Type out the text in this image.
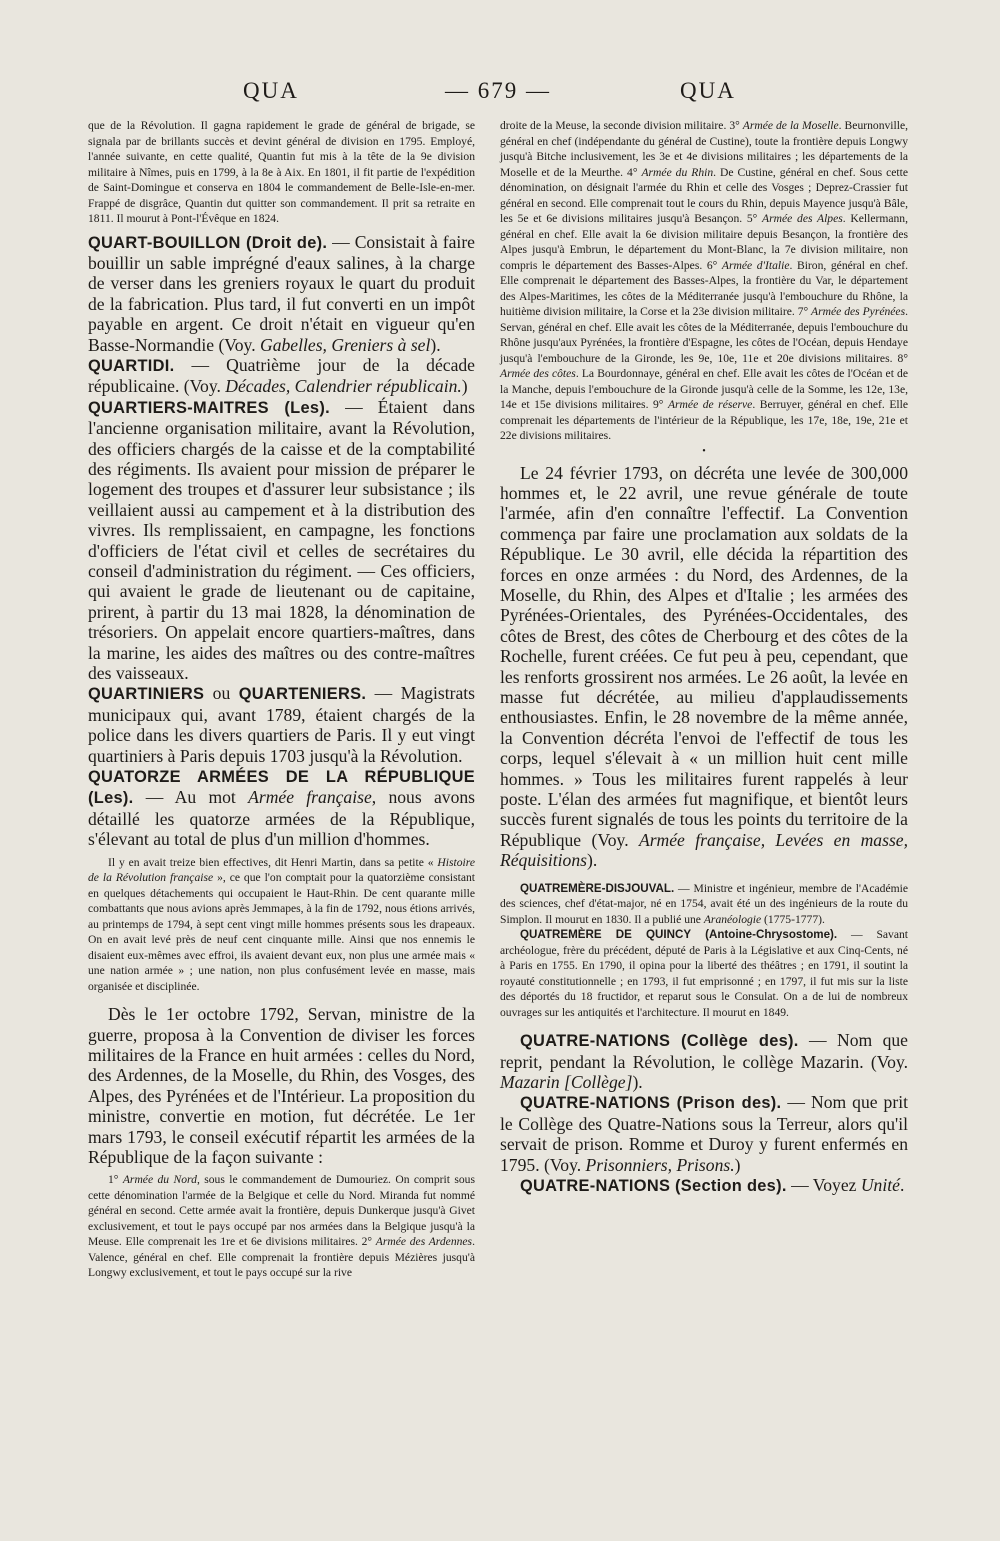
QUA	— 679 —	QUA

que de la Révolution. Il gagna rapidement le grade de général de brigade, se signala par de brillants succès et devint général de division en 1795. Employé, l'année suivante, en cette qualité, Quantin fut mis à la tête de la 9e division militaire à Nîmes, puis en 1799, à la 8e à Aix. En 1801, il fit partie de l'expédition de Saint-Domingue et conserva en 1804 le commandement de Belle-Isle-en-mer. Frappé de disgrâce, Quantin dut quitter son commandement. Il prit sa retraite en 1811. Il mourut à Pont-l'Évêque en 1824.

QUART-BOUILLON (Droit de). — Consistait à faire bouillir un sable imprégné d'eaux salines, à la charge de verser dans les greniers royaux le quart du produit de la fabrication. Plus tard, il fut converti en un impôt payable en argent. Ce droit n'était en vigueur qu'en Basse-Normandie (Voy. Gabelles, Greniers à sel).

QUARTIDI. — Quatrième jour de la décade républicaine. (Voy. Décades, Calendrier républicain.)

QUARTIERS-MAITRES (Les). — Étaient dans l'ancienne organisation militaire, avant la Révolution, des officiers chargés de la caisse et de la comptabilité des régiments. Ils avaient pour mission de préparer le logement des troupes et d'assurer leur subsistance ; ils veillaient aussi au campement et à la distribution des vivres. Ils remplissaient, en campagne, les fonctions d'officiers de l'état civil et celles de secrétaires du conseil d'administration du régiment. — Ces officiers, qui avaient le grade de lieutenant ou de capitaine, prirent, à partir du 13 mai 1828, la dénomination de trésoriers. On appelait encore quartiers-maîtres, dans la marine, les aides des maîtres ou des contre-maîtres des vaisseaux.

QUARTINIERS ou QUARTENIERS. — Magistrats municipaux qui, avant 1789, étaient chargés de la police dans les divers quartiers de Paris. Il y eut vingt quartiniers à Paris depuis 1703 jusqu'à la Révolution.

QUATORZE ARMÉES DE LA RÉPUBLIQUE (Les). — Au mot Armée française, nous avons détaillé les quatorze armées de la République, s'élevant au total de plus d'un million d'hommes.

Il y en avait treize bien effectives, dit Henri Martin, dans sa petite « Histoire de la Révolution française », ce que l'on comptait pour la quatorzième consistant en quelques détachements qui occupaient le Haut-Rhin. De cent quarante mille combattants que nous avions après Jemmapes, à la fin de 1792, nous étions arrivés, au printemps de 1794, à sept cent vingt mille hommes présents sous les drapeaux. On en avait levé près de neuf cent cinquante mille. Ainsi que nos ennemis le disaient eux-mêmes avec effroi, ils avaient devant eux, non plus une armée mais « une nation armée » ; une nation, non plus confusément levée en masse, mais organisée et disciplinée.

Dès le 1er octobre 1792, Servan, ministre de la guerre, proposa à la Convention de diviser les forces militaires de la France en huit armées : celles du Nord, des Ardennes, de la Moselle, du Rhin, des Vosges, des Alpes, des Pyrénées et de l'Intérieur. La proposition du ministre, convertie en motion, fut décrétée. Le 1er mars 1793, le conseil exécutif répartit les armées de la République de la façon suivante :

1° Armée du Nord, sous le commandement de Dumouriez. On comprit sous cette dénomination l'armée de la Belgique et celle du Nord. Miranda fut nommé général en second. Cette armée avait la frontière, depuis Dunkerque jusqu'à Givet exclusivement, et tout le pays occupé par nos armées dans la Belgique jusqu'à la Meuse. Elle comprenait les 1re et 6e divisions militaires. 2° Armée des Ardennes. Valence, général en chef. Elle comprenait la frontière depuis Mézières jusqu'à Longwy exclusivement, et tout le pays occupé sur la rive

droite de la Meuse, la seconde division militaire. 3° Armée de la Moselle. Beurnonville, général en chef (indépendante du général de Custine), toute la frontière depuis Longwy jusqu'à Bitche inclusivement, les 3e et 4e divisions militaires ; les départements de la Moselle et de la Meurthe. 4° Armée du Rhin. De Custine, général en chef. Sous cette dénomination, on désignait l'armée du Rhin et celle des Vosges ; Deprez-Crassier fut général en second. Elle comprenait tout le cours du Rhin, depuis Mayence jusqu'à Bâle, les 5e et 6e divisions militaires jusqu'à Besançon. 5° Armée des Alpes. Kellermann, général en chef. Elle avait la 6e division militaire depuis Besançon, la frontière des Alpes jusqu'à Embrun, le département du Mont-Blanc, la 7e division militaire, non compris le département des Basses-Alpes. 6° Armée d'Italie. Biron, général en chef. Elle comprenait le département des Basses-Alpes, la frontière du Var, le département des Alpes-Maritimes, les côtes de la Méditerranée jusqu'à l'embouchure du Rhône, la huitième division militaire, la Corse et la 23e division militaire. 7° Armée des Pyrénées. Servan, général en chef. Elle avait les côtes de la Méditerranée, depuis l'embouchure du Rhône jusqu'aux Pyrénées, la frontière d'Espagne, les côtes de l'Océan, depuis Hendaye jusqu'à l'embouchure de la Gironde, les 9e, 10e, 11e et 20e divisions militaires. 8° Armée des côtes. La Bourdonnaye, général en chef. Elle avait les côtes de l'Océan et de la Manche, depuis l'embouchure de la Gironde jusqu'à celle de la Somme, les 12e, 13e, 14e et 15e divisions militaires. 9° Armée de réserve. Berruyer, général en chef. Elle comprenait les départements de l'intérieur de la République, les 17e, 18e, 19e, 21e et 22e divisions militaires.

•

Le 24 février 1793, on décréta une levée de 300,000 hommes et, le 22 avril, une revue générale de toute l'armée, afin d'en connaître l'effectif. La Convention commença par faire une proclamation aux soldats de la République. Le 30 avril, elle décida la répartition des forces en onze armées : du Nord, des Ardennes, de la Moselle, du Rhin, des Alpes et d'Italie ; les armées des Pyrénées-Orientales, des Pyrénées-Occidentales, des côtes de Brest, des côtes de Cherbourg et des côtes de la Rochelle, furent créées. Ce fut peu à peu, cependant, que les renforts grossirent nos armées. Le 26 août, la levée en masse fut décrétée, au milieu d'applaudissements enthousiastes. Enfin, le 28 novembre de la même année, la Convention décréta l'envoi de l'effectif de tous les corps, lequel s'élevait à « un million huit cent mille hommes. » Tous les militaires furent rappelés à leur poste. L'élan des armées fut magnifique, et bientôt leurs succès furent signalés de tous les points du territoire de la République (Voy. Armée française, Levées en masse, Réquisitions).

QUATREMÈRE-DISJOUVAL. — Ministre et ingénieur, membre de l'Académie des sciences, chef d'état-major, né en 1754, avait été un des ingénieurs de la route du Simplon. Il mourut en 1830. Il a publié une Aranéologie (1775-1777).

QUATREMÈRE DE QUINCY (Antoine-Chrysostome). — Savant archéologue, frère du précédent, député de Paris à la Législative et aux Cinq-Cents, né à Paris en 1755. En 1790, il opina pour la liberté des théâtres ; en 1791, il soutint la royauté constitutionnelle ; en 1793, il fut emprisonné ; en 1797, il fut mis sur la liste des déportés du 18 fructidor, et reparut sous le Consulat. On a de lui de nombreux ouvrages sur les antiquités et l'architecture. Il mourut en 1849.

QUATRE-NATIONS (Collège des). — Nom que reprit, pendant la Révolution, le collège Mazarin. (Voy. Mazarin [Collège]).

QUATRE-NATIONS (Prison des). — Nom que prit le Collège des Quatre-Nations sous la Terreur, alors qu'il servait de prison. Romme et Duroy y furent enfermés en 1795. (Voy. Prisonniers, Prisons.)

QUATRE-NATIONS (Section des). — Voyez Unité.
